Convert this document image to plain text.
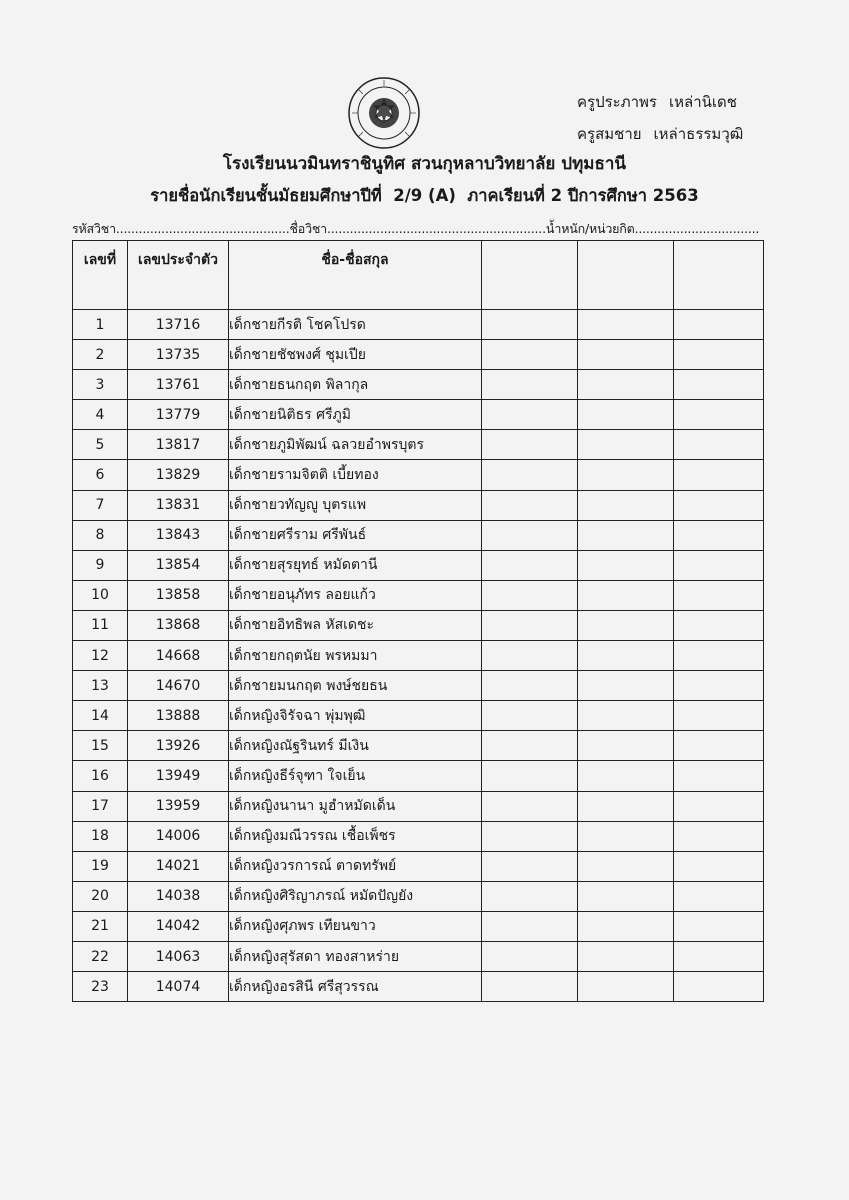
ครูประภาพร เหล่านิเดช
ครูสมชาย เหล่าธรรมวุฒิ
โรงเรียนนวมินทราชินูทิศ สวนกุหลาบวิทยาลัย ปทุมธานี
รายชื่อนักเรียนชั้นมัธยมศึกษาปีที่  2/9 (A)  ภาคเรียนที่ 2 ปีการศึกษา 2563
รหัสวิชา..............................................ชื่อวิชา..........................................................น้ำหนัก/หน่วยกิต.................................
เลขที่	เลขประจำตัว	ชื่อ-ชื่อสกุล			
1	13716	เด็กชายกีรติ โชคโปรด			
2	13735	เด็กชายชัชพงศ์ ชุมเปีย			
3	13761	เด็กชายธนกฤต พิลากุล			
4	13779	เด็กชายนิติธร ศรีภูมิ			
5	13817	เด็กชายภูมิพัฒน์ ฉลวยอำพรบุตร			
6	13829	เด็กชายรามจิตติ เบี้ยทอง			
7	13831	เด็กชายวทัญญู บุตรแพ			
8	13843	เด็กชายศรีราม ศรีพันธ์			
9	13854	เด็กชายสุรยุทธ์ หมัดตานี			
10	13858	เด็กชายอนุภัทร ลอยแก้ว			
11	13868	เด็กชายอิทธิพล หัสเดชะ			
12	14668	เด็กชายกฤตนัย พรหมมา			
13	14670	เด็กชายมนกฤต พงษ์ชยธน			
14	13888	เด็กหญิงจิรัจฉา พุ่มพุฒิ			
15	13926	เด็กหญิงณัฐรินทร์ มีเงิน			
16	13949	เด็กหญิงธีร์จุฑา ใจเย็น			
17	13959	เด็กหญิงนานา มูฮำหมัดเด็น			
18	14006	เด็กหญิงมณีวรรณ เชื้อเพ็ชร			
19	14021	เด็กหญิงวรการณ์ ตาดทรัพย์			
20	14038	เด็กหญิงศิริญาภรณ์ หมัดปัญยัง			
21	14042	เด็กหญิงศุภพร เทียนขาว			
22	14063	เด็กหญิงสุรัสดา ทองสาหร่าย			
23	14074	เด็กหญิงอรสินี ศรีสุวรรณ			
